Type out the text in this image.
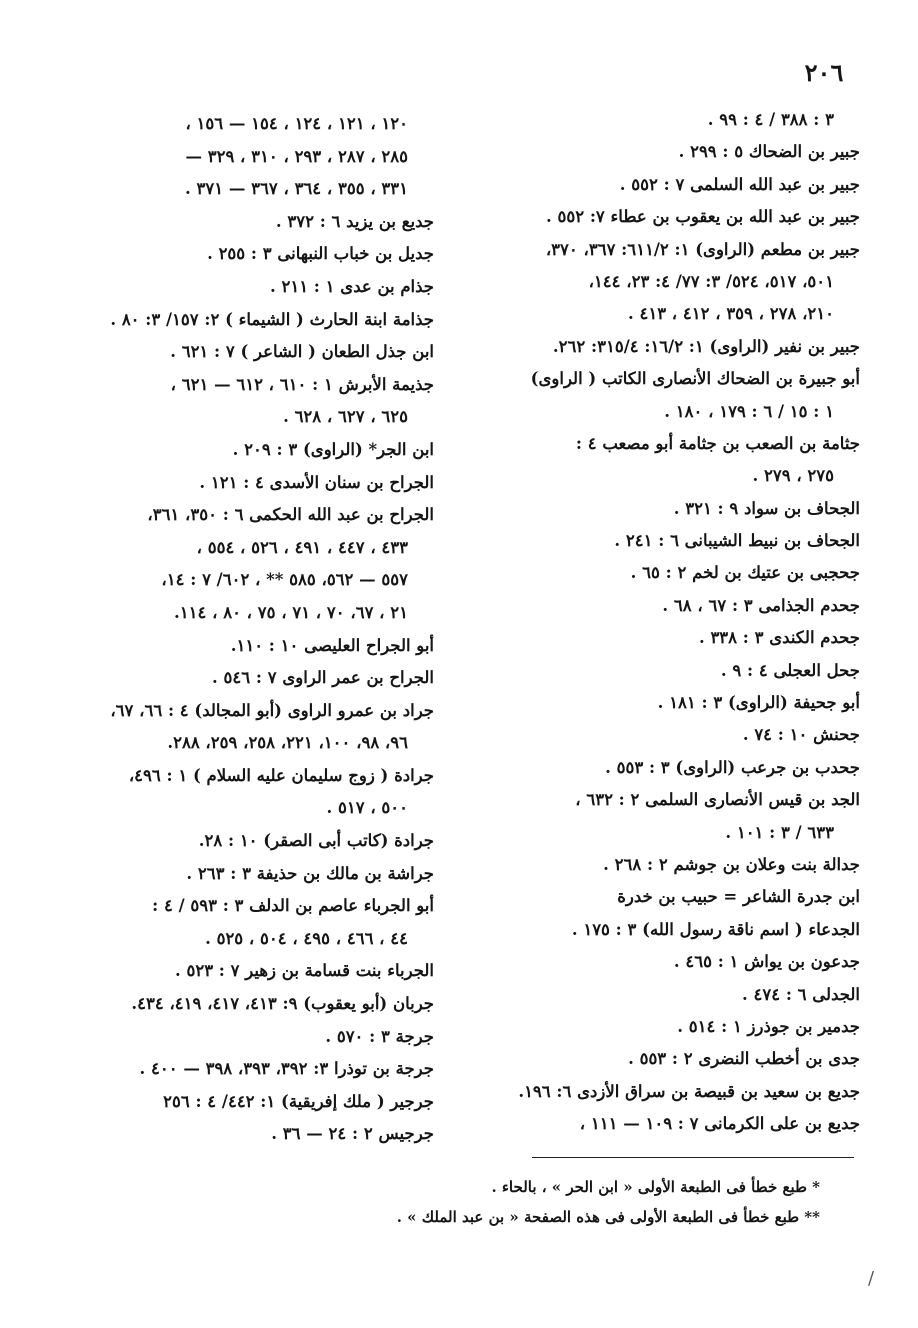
٢٠٦
٣ : ٣٨٨ / ٤ : ٩٩ .
جبير بن الضحاك ٥ : ٢٩٩ .
جبير بن عبد الله السلمى ٧ : ٥٥٢ .
جبير بن عبد الله بن يعقوب بن عطاء ٧: ٥٥٢ .
جبير بن مطعم (الراوى) ١: ٦١١/٢: ٣٦٧، ٣٧٠،
٥٠١، ٥١٧، ٥٢٤/ ٣: ٧٧/ ٤: ٢٣، ١٤٤،
٢١٠، ٢٧٨ ، ٣٥٩ ، ٤١٢ ، ٤١٣ .
جبير بن نفير (الراوى) ١: ١٦/٢: ٣١٥/٤: ٢٦٢.
أبو جبيرة بن الضحاك الأنصارى الكاتب ( الراوى)
١ : ١٥ / ٦ : ١٧٩ ، ١٨٠ .
جثامة بن الصعب بن جثامة أبو مصعب ٤ :
٢٧٥ ، ٢٧٩ .
الجحاف بن سواد ٩ : ٣٢١ .
الجحاف بن نبيط الشيبانى ٦ : ٢٤١ .
جحجبى بن عتيك بن لخم ٢ : ٦٥ .
جحدم الجذامى ٣ : ٦٧ ، ٦٨ .
جحدم الكندى ٣ : ٣٣٨ .
جحل العجلى ٤ : ٩ .
أبو جحيفة (الراوى) ٣ : ١٨١ .
جحنش ١٠ : ٧٤ .
جحدب بن جرعب (الراوى) ٣ : ٥٥٣ .
الجد بن قيس الأنصارى السلمى ٢ : ٦٣٢ ،
٦٣٣ / ٣ : ١٠١ .
جدالة بنت وعلان بن جوشم ٢ : ٢٦٨ .
ابن جدرة الشاعر = حبيب بن خدرة
الجدعاء ( اسم ناقة رسول الله) ٣ : ١٧٥ .
جدعون بن يواش ١ : ٤٦٥ .
الجدلى ٦ : ٤٧٤ .
جدمير بن جوذرز ١ : ٥١٤ .
جدى بن أخطب النضرى ٢ : ٥٥٣ .
جديع بن سعيد بن قبيصة بن سراق الأزدى ٦: ١٩٦.
جديع بن على الكرمانى ٧ : ١٠٩ — ١١١ ،
١٢٠ ، ١٢١ ، ١٢٤ ، ١٥٤ — ١٥٦ ،
٢٨٥ ، ٢٨٧ ، ٢٩٣ ، ٣١٠ ، ٣٢٩ —
٣٣١ ، ٣٥٥ ، ٣٦٤ ، ٣٦٧ — ٣٧١ .
جديع بن يزيد ٦ : ٣٧٢ .
جديل بن خباب النبهانى ٣ : ٢٥٥ .
جذام بن عدى ١ : ٢١١ .
جذامة ابنة الحارث ( الشيماء ) ٢: ١٥٧/ ٣: ٨٠ .
ابن جذل الطعان ( الشاعر ) ٧ : ٦٢١ .
جذيمة الأبرش ١ : ٦١٠ ، ٦١٢ — ٦٢١ ،
٦٢٥ ، ٦٢٧ ، ٦٢٨ .
ابن الجر* (الراوى) ٣ : ٢٠٩ .
الجراح بن سنان الأسدى ٤ : ١٢١ .
الجراح بن عبد الله الحكمى ٦ : ٣٥٠، ٣٦١،
٤٣٣ ، ٤٤٧ ، ٤٩١ ، ٥٢٦ ، ٥٥٤ ،
٥٥٧ — ٥٦٢، ٥٨٥ ** ، ٦٠٢/ ٧ : ١٤،
٢١ ، ٦٧، ٧٠ ، ٧١ ، ٧٥ ، ٨٠ ، ١١٤.
أبو الجراح العليصى ١٠ : ١١٠.
الجراح بن عمر الراوى ٧ : ٥٤٦ .
جراد بن عمرو الراوى (أبو المجالد) ٤ : ٦٦، ٦٧،
٩٦، ٩٨، ١٠٠، ٢٢١، ٢٥٨، ٢٥٩، ٢٨٨.
جرادة ( زوج سليمان عليه السلام ) ١ : ٤٩٦،
٥٠٠ ، ٥١٧ .
جرادة (كاتب أبى الصقر) ١٠ : ٢٨.
جراشة بن مالك بن حذيفة ٣ : ٢٦٣ .
أبو الجرباء عاصم بن الدلف ٣ : ٥٩٣ / ٤ :
٤٤ ، ٤٦٦ ، ٤٩٥ ، ٥٠٤ ، ٥٢٥ .
الجرباء بنت قسامة بن زهير ٧ : ٥٢٣ .
جربان (أبو يعقوب) ٩: ٤١٣، ٤١٧، ٤١٩، ٤٣٤.
جرجة ٣ : ٥٧٠ .
جرجة بن توذرا ٣: ٣٩٢، ٣٩٣، ٣٩٨ — ٤٠٠ .
جرجير ( ملك إفريقية) ١: ٤٤٢/ ٤ : ٢٥٦
جرجيس ٢ : ٢٤ — ٣٦ .
* طبع خطأ فى الطبعة الأولى « ابن الحر » ، بالحاء .
** طبع خطأ فى الطبعة الأولى فى هذه الصفحة « بن عبد الملك » .
/
